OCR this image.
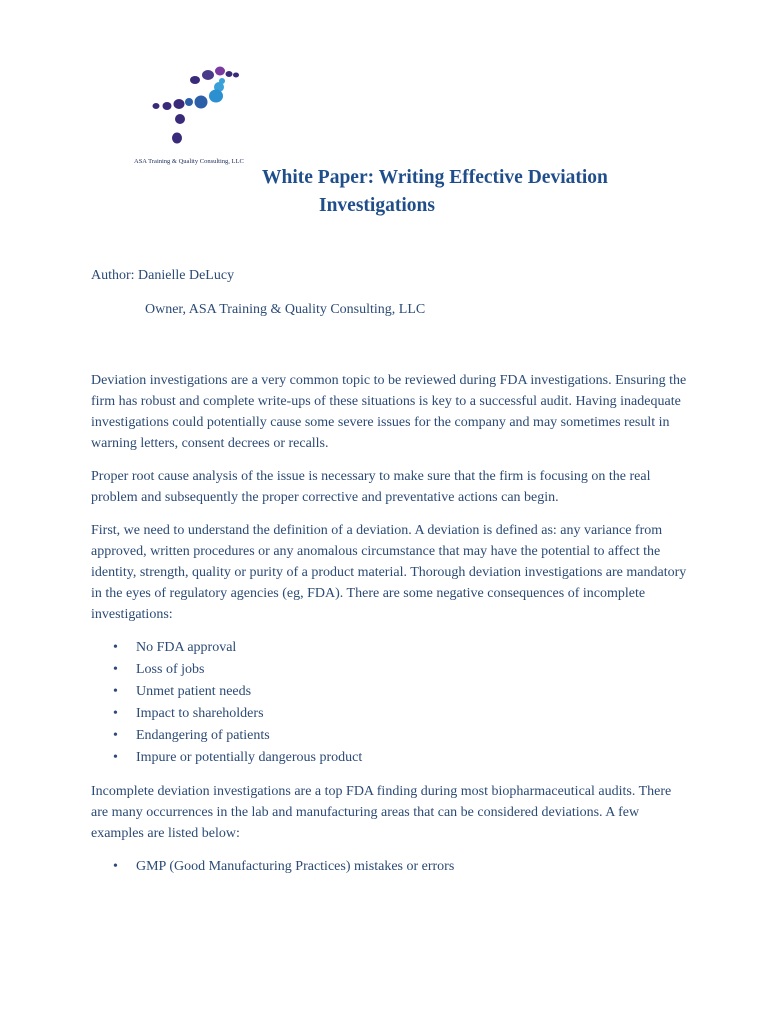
ASA Training & Quality Consulting, LLC
White Paper: Writing Effective Deviation
Investigations
Author: Danielle DeLucy
Owner, ASA Training & Quality Consulting, LLC

Deviation investigations are a very common topic to be reviewed during FDA investigations. Ensuring the firm has robust and complete write-ups of these situations is key to a successful audit. Having inadequate investigations could potentially cause some severe issues for the company and may sometimes result in warning letters, consent decrees or recalls.

Proper root cause analysis of the issue is necessary to make sure that the firm is focusing on the real problem and subsequently the proper corrective and preventative actions can begin.

First, we need to understand the definition of a deviation. A deviation is defined as: any variance from approved, written procedures or any anomalous circumstance that may have the potential to affect the identity, strength, quality or purity of a product material. Thorough deviation investigations are mandatory in the eyes of regulatory agencies (eg, FDA). There are some negative consequences of incomplete investigations:

• No FDA approval
• Loss of jobs
• Unmet patient needs
• Impact to shareholders
• Endangering of patients
• Impure or potentially dangerous product

Incomplete deviation investigations are a top FDA finding during most biopharmaceutical audits. There are many occurrences in the lab and manufacturing areas that can be considered deviations. A few examples are listed below:

• GMP (Good Manufacturing Practices) mistakes or errors
